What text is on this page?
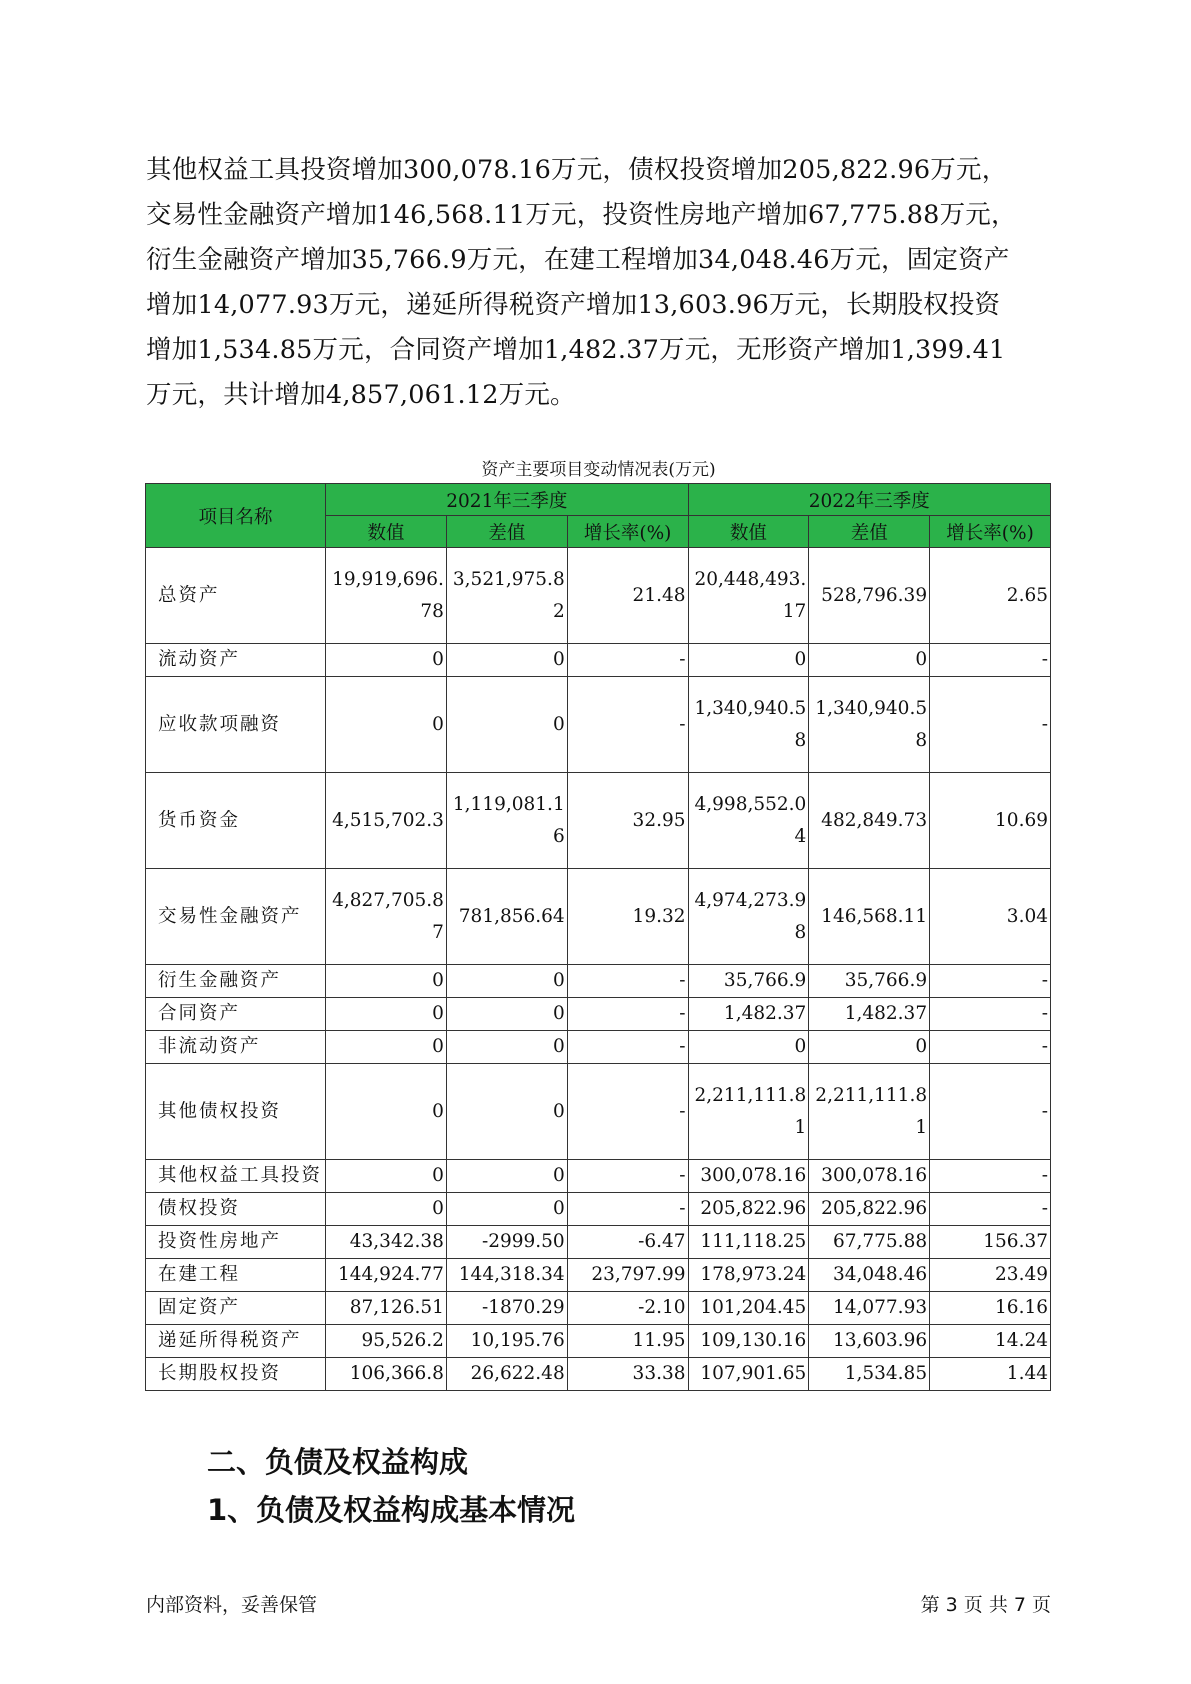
其他权益工具投资增加300,078.16万元，债权投资增加205,822.96万元，

交易性金融资产增加146,568.11万元，投资性房地产增加67,775.88万元，

衍生金融资产增加35,766.9万元，在建工程增加34,048.46万元，固定资产

增加14,077.93万元，递延所得税资产增加13,603.96万元，长期股权投资

增加1,534.85万元，合同资产增加1,482.37万元，无形资产增加1,399.41

万元，共计增加4,857,061.12万元。

资产主要项目变动情况表(万元)
项目名称	2021年三季度			2022年三季度		
	数值	差值	增长率(%)	数值	差值	增长率(%)
总资产	19,919,696.78	3,521,975.82	21.48	20,448,493.17	528,796.39	2.65
流动资产	0	0	-	0	0	-
应收款项融资	0	0	-	1,340,940.58	1,340,940.58	-
货币资金	4,515,702.3	1,119,081.16	32.95	4,998,552.04	482,849.73	10.69
交易性金融资产	4,827,705.87	781,856.64	19.32	4,974,273.98	146,568.11	3.04
衍生金融资产	0	0	-	35,766.9	35,766.9	-
合同资产	0	0	-	1,482.37	1,482.37	-
非流动资产	0	0	-	0	0	-
其他债权投资	0	0	-	2,211,111.81	2,211,111.81	-
其他权益工具投资	0	0	-	300,078.16	300,078.16	-
债权投资	0	0	-	205,822.96	205,822.96	-
投资性房地产	43,342.38	-2999.50	-6.47	111,118.25	67,775.88	156.37
在建工程	144,924.77	144,318.34	23,797.99	178,973.24	34,048.46	23.49
固定资产	87,126.51	-1870.29	-2.10	101,204.45	14,077.93	16.16
递延所得税资产	95,526.2	10,195.76	11.95	109,130.16	13,603.96	14.24
长期股权投资	106,366.8	26,622.48	33.38	107,901.65	1,534.85	1.44
二、负债及权益构成
1、负债及权益构成基本情况
内部资料，妥善保管	第 3 页 共 7 页
